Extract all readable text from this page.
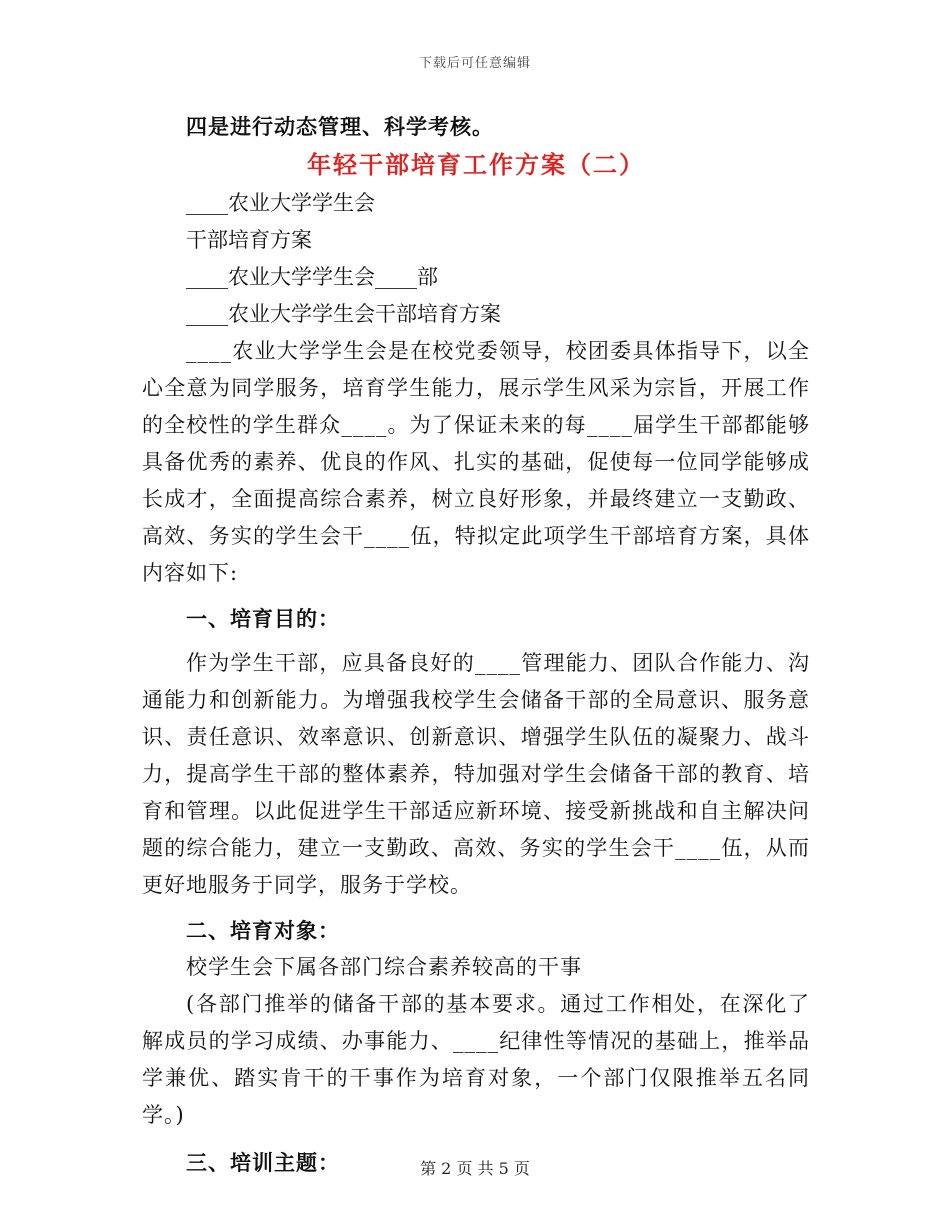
下载后可任意编辑
四是进行动态管理、科学考核。
年轻干部培育工作方案（二）
____农业大学学生会
干部培育方案
____农业大学学生会____部
____农业大学学生会干部培育方案

____农业大学学生会是在校党委领导，校团委具体指导下，以全心全意为同学服务，培育学生能力，展示学生风采为宗旨，开展工作的全校性的学生群众____。为了保证未来的每____届学生干部都能够具备优秀的素养、优良的作风、扎实的基础，促使每一位同学能够成长成才，全面提高综合素养，树立良好形象，并最终建立一支勤政、高效、务实的学生会干____伍，特拟定此项学生干部培育方案，具体内容如下:

一、培育目的：

作为学生干部，应具备良好的____管理能力、团队合作能力、沟通能力和创新能力。为增强我校学生会储备干部的全局意识、服务意识、责任意识、效率意识、创新意识、增强学生队伍的凝聚力、战斗力，提高学生干部的整体素养，特加强对学生会储备干部的教育、培育和管理。以此促进学生干部适应新环境、接受新挑战和自主解决问题的综合能力，建立一支勤政、高效、务实的学生会干____伍，从而更好地服务于同学，服务于学校。

二、培育对象：
校学生会下属各部门综合素养较高的干事

(各部门推举的储备干部的基本要求。通过工作相处，在深化了解成员的学习成绩、办事能力、____纪律性等情况的基础上，推举品学兼优、踏实肯干的干事作为培育对象，一个部门仅限推举五名同学。)

三、培训主题：	第 2 页 共 5 页
